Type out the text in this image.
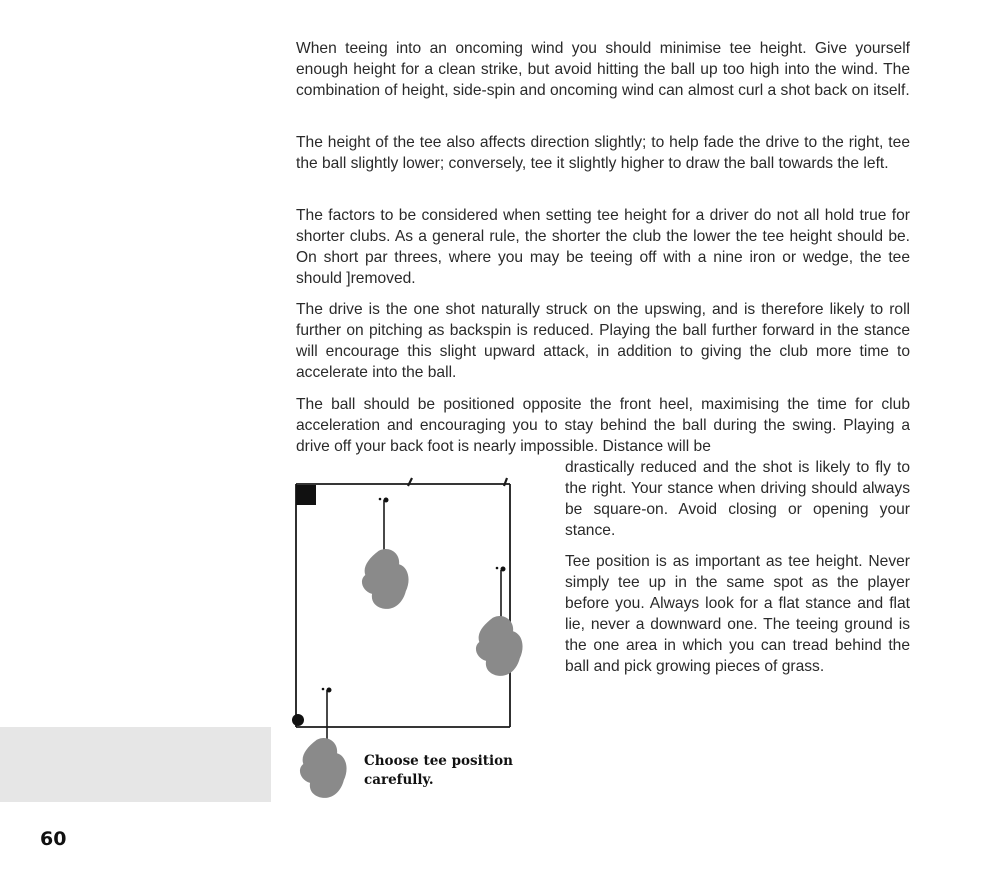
When teeing into an oncoming wind you should minimise tee height. Give yourself enough height for a clean strike, but avoid hitting the ball up too high into the wind. The combination of height, side-spin and oncoming wind can almost curl a shot back on itself.

The height of the tee also affects direction slightly; to help fade the drive to the right, tee the ball slightly lower; conversely, tee it slightly higher to draw the ball towards the left.

The factors to be considered when setting tee height for a driver do not all hold true for shorter clubs. As a general rule, the shorter the club the lower the tee height should be. On short par threes, where you may be teeing off with a nine iron or wedge, the tee should ]removed.

The drive is the one shot naturally struck on the upswing, and is therefore likely to roll further on pitching as backspin is reduced. Playing the ball further forward in the stance will encourage this slight upward attack, in addition to giving the club more time to accelerate into the ball.

The ball should be positioned opposite the front heel, maximising the time for club acceleration and encouraging you to stay behind the ball during the swing. Playing a drive off your back foot is nearly impossible. Distance will be

drastically reduced and the shot is likely to fly to the right. Your stance when driving should always be square-on. Avoid closing or opening your stance.

Tee position is as important as tee height. Never simply tee up in the same spot as the player before you. Always look for a flat stance and flat lie, never a downward one. The teeing ground is the one area in which you can tread behind the ball and pick growing pieces of grass.

Choose tee position carefully.
60
